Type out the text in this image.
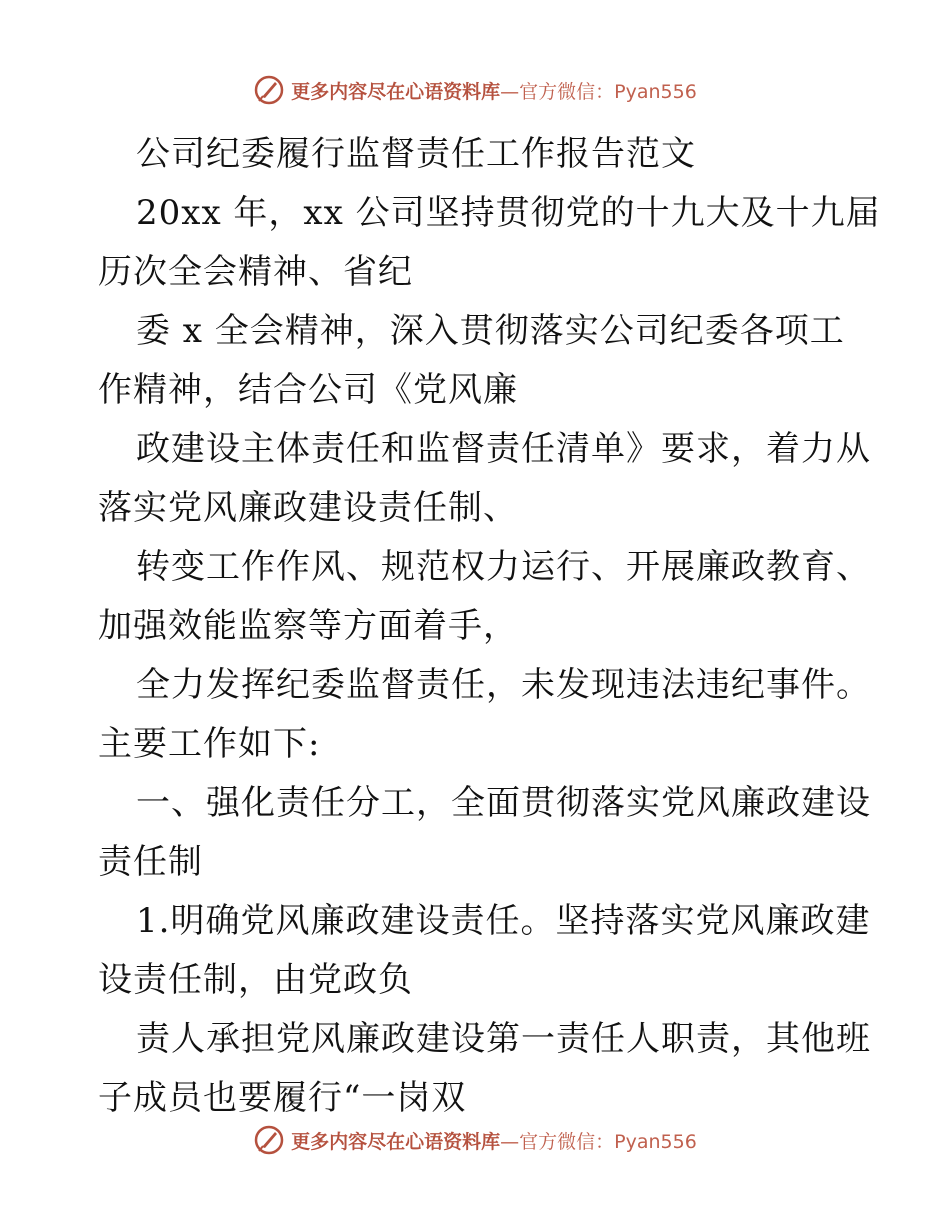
更多内容尽在心语资料库—官方微信：Pyan556
公司纪委履行监督责任工作报告范文
20xx 年，xx 公司坚持贯彻党的十九大及十九届
历次全会精神、省纪
委 x 全会精神，深入贯彻落实公司纪委各项工
作精神，结合公司《党风廉
政建设主体责任和监督责任清单》要求，着力从
落实党风廉政建设责任制、
转变工作作风、规范权力运行、开展廉政教育、
加强效能监察等方面着手，
全力发挥纪委监督责任，未发现违法违纪事件。
主要工作如下:
一、强化责任分工，全面贯彻落实党风廉政建设
责任制
1.明确党风廉政建设责任。坚持落实党风廉政建
设责任制，由党政负
责人承担党风廉政建设第一责任人职责，其他班
子成员也要履行“一岗双
更多内容尽在心语资料库—官方微信：Pyan556
